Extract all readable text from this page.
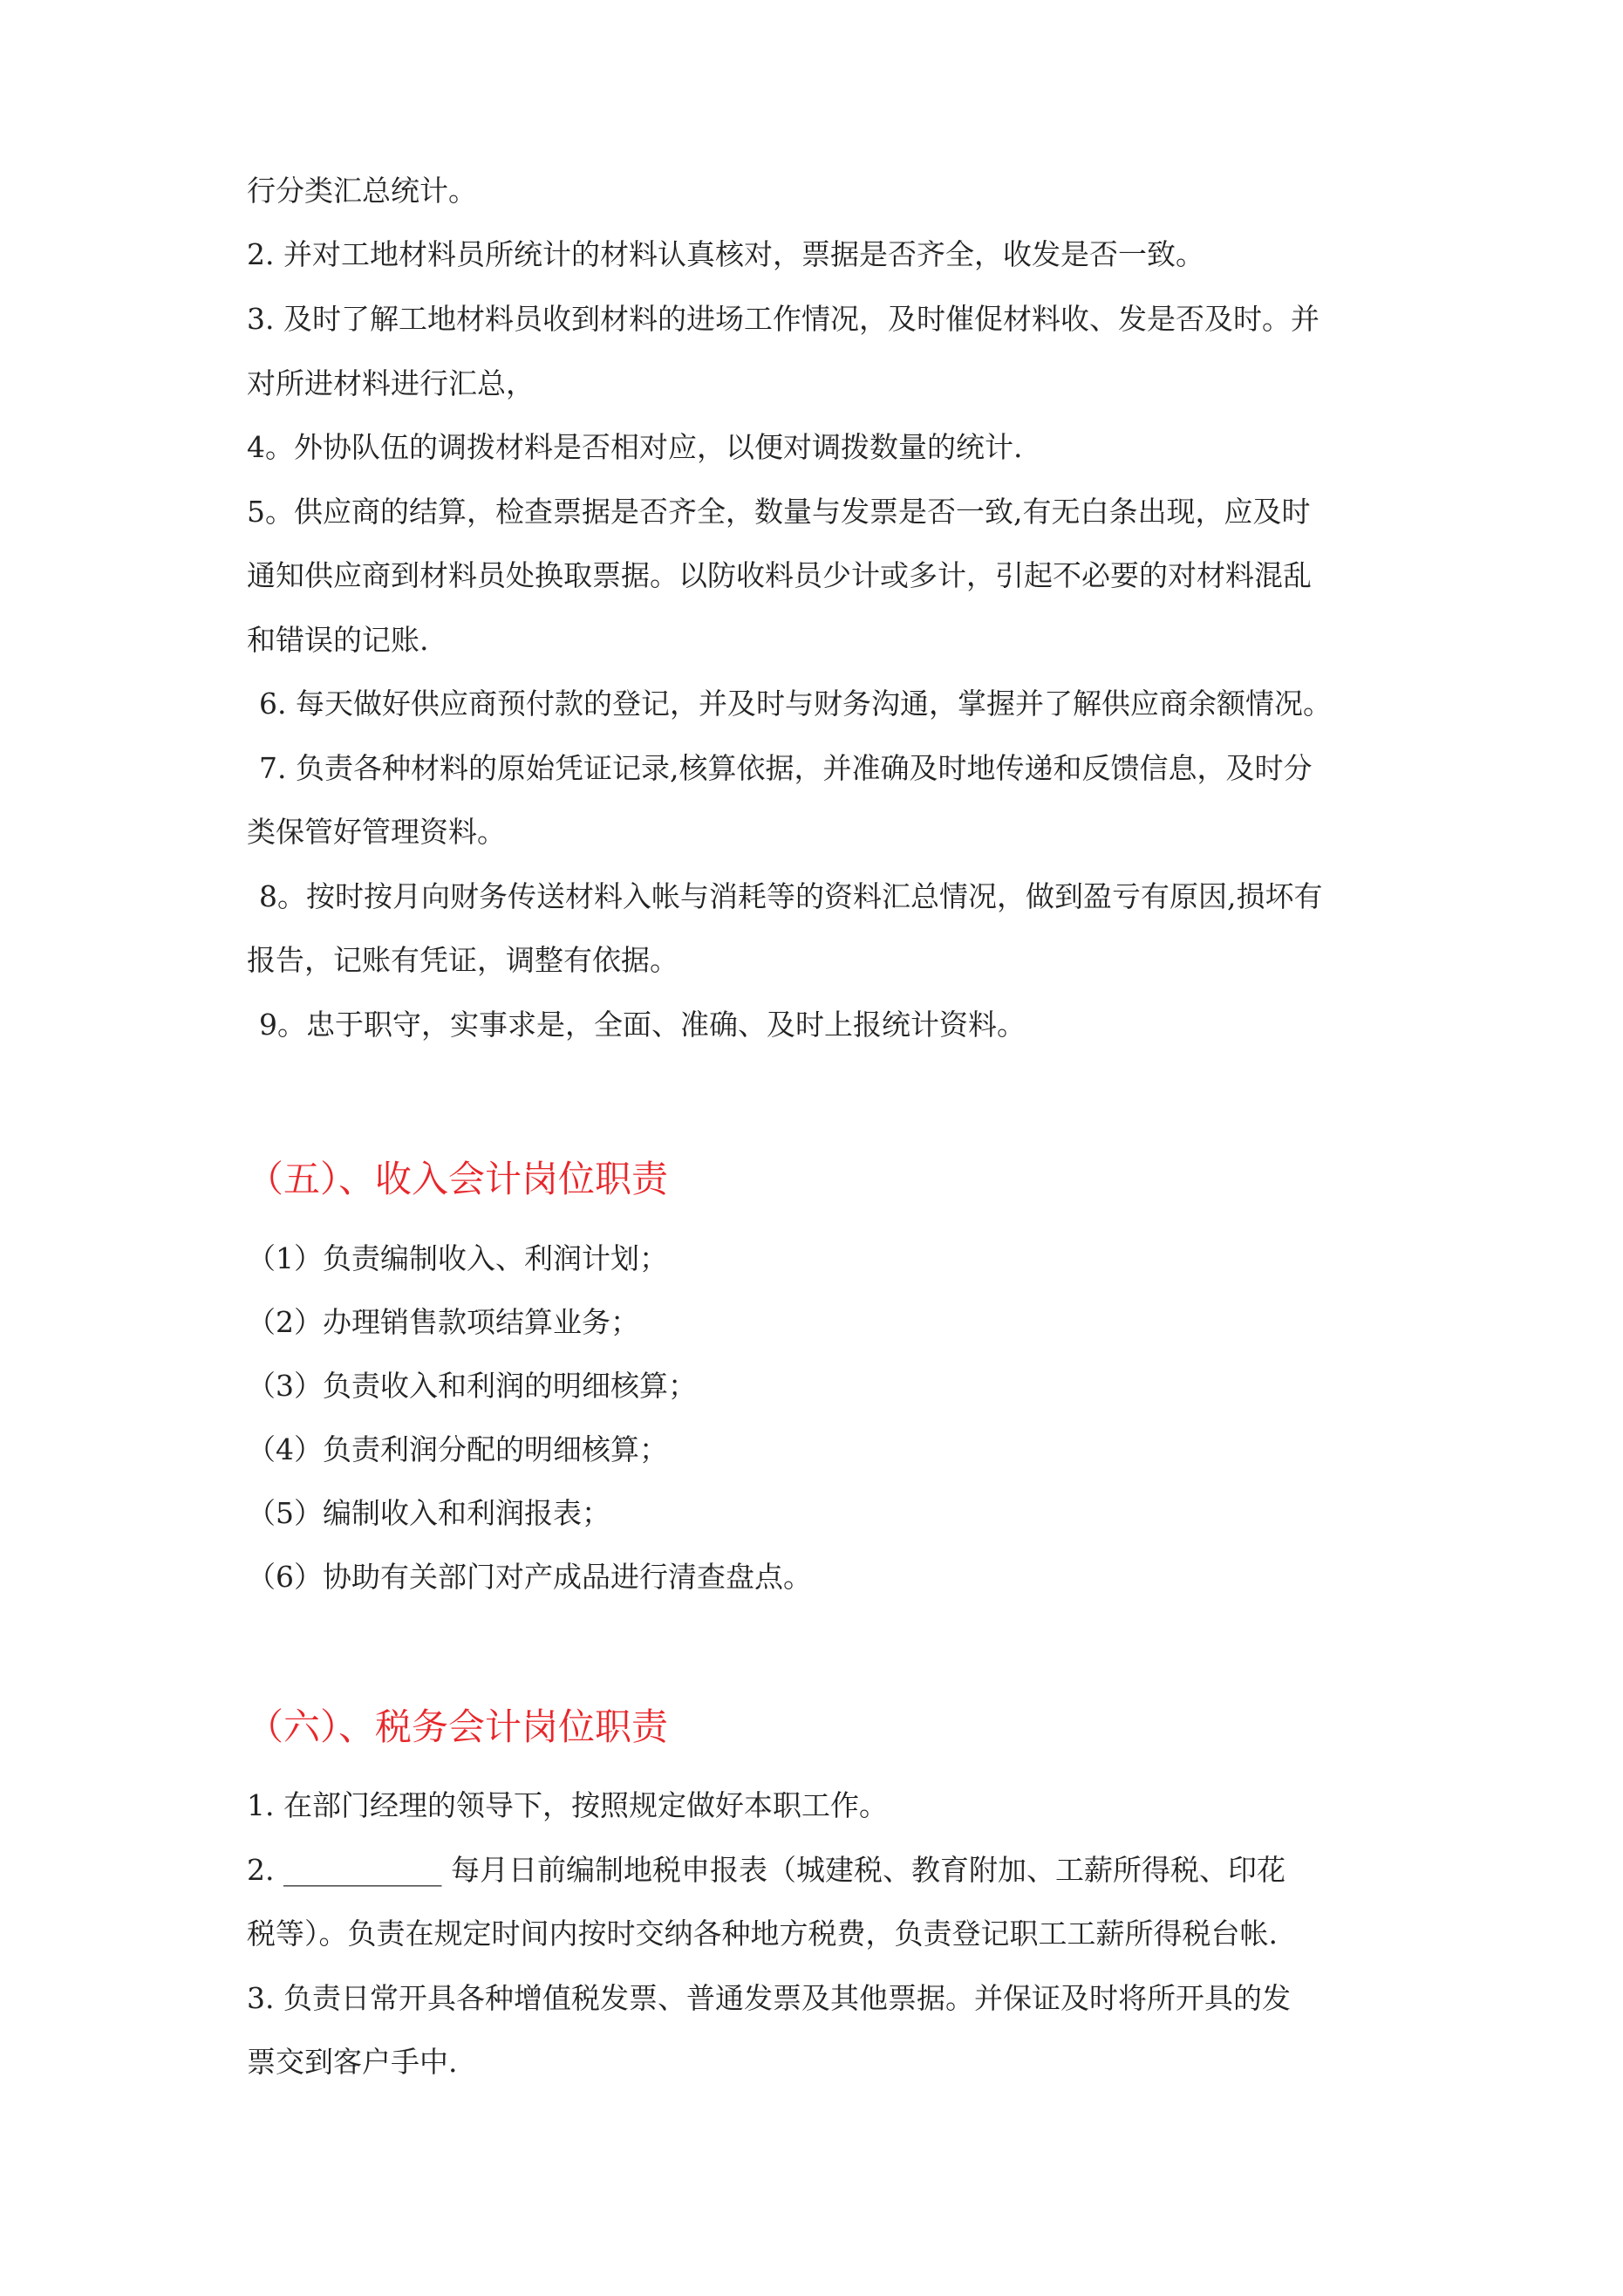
行分类汇总统计。
2. 并对工地材料员所统计的材料认真核对，票据是否齐全，收发是否一致。
3. 及时了解工地材料员收到材料的进场工作情况，及时催促材料收、发是否及时。并
对所进材料进行汇总，
4。外协队伍的调拨材料是否相对应，以便对调拨数量的统计.
5。供应商的结算，检查票据是否齐全，数量与发票是否一致,有无白条出现，应及时
通知供应商到材料员处换取票据。以防收料员少计或多计，引起不必要的对材料混乱
和错误的记账.
6. 每天做好供应商预付款的登记，并及时与财务沟通，掌握并了解供应商余额情况。
7. 负责各种材料的原始凭证记录,核算依据，并准确及时地传递和反馈信息，及时分
类保管好管理资料。
8。按时按月向财务传送材料入帐与消耗等的资料汇总情况，做到盈亏有原因,损坏有
报告，记账有凭证，调整有依据。
9。忠于职守，实事求是，全面、准确、及时上报统计资料。
（五）、收入会计岗位职责
（1）负责编制收入、利润计划；
（2）办理销售款项结算业务；
（3）负责收入和利润的明细核算；
（4）负责利润分配的明细核算；
（5）编制收入和利润报表；
（6）协助有关部门对产成品进行清查盘点。
（六）、税务会计岗位职责
1. 在部门经理的领导下，按照规定做好本职工作。
2. ___________ 每月日前编制地税申报表（城建税、教育附加、工薪所得税、印花
税等）。负责在规定时间内按时交纳各种地方税费，负责登记职工工薪所得税台帐.
3. 负责日常开具各种增值税发票、普通发票及其他票据。并保证及时将所开具的发
票交到客户手中.
